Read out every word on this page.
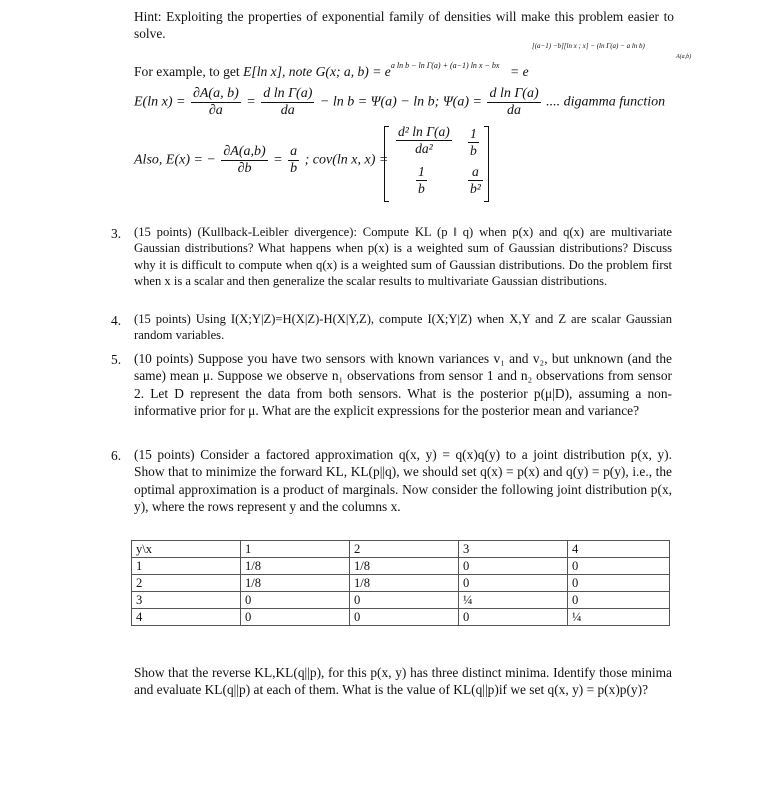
Hint: Exploiting the properties of exponential family of densities will make this problem easier to solve.
For example, to get E[ln x], note G(x; a, $b) = e^{a ln b - ln \Gamma(a) + (a-1) ln x - bx} = e$
[(a−1) −b][ln x ; x] − (ln Γ(a) − a ln b)
A(a,b)
E(ln $x) = \frac{\partial A(a, b)}{\partial a} = \frac{\text{d ln Γ(a)}}{da} - \ln b = \Psi(a) - \ln b$; $\Psi(a) = \frac{\text{d ln Γ(a)}}{da}$ .... digamma function
Also, E(x) = − $\frac{\partial A(a,b)}{\partial b} = \frac{a}{b}$ ; cov(ln x, x) =
$\frac{\text{d² ln Γ(a)}}{\text{da²}} \frac{1}{b}$
$\frac{1}{b}$	$\frac{a}{\text{b²}}$
3. (15 points) (Kullback-Leibler divergence): Compute KL (p ‖ q) when p(x) and q(x) are multivariate Gaussian distributions? What happens when p(x) is a weighted sum of Gaussian distributions? Discuss why it is difficult to compute when q(x) is a weighted sum of Gaussian distributions. Do the problem first when x is a scalar and then generalize the scalar results to multivariate Gaussian distributions.
4. (15 points) Using I(X;Y|Z)=H(X|Z)-H(X|Y,Z), compute I(X;Y|Z) when X,Y and Z are scalar Gaussian random variables.
5. (10 points) Suppose you have two sensors with known variances v₁ and v₂, but unknown (and the same) mean μ. Suppose we observe n₁ observations from sensor 1 and n₂ observations from sensor 2. Let D represent the data from both sensors. What is the posterior p(μ|D), assuming a non-informative prior for μ. What are the explicit expressions for the posterior mean and variance?
6. (15 points) Consider a factored approximation q(x, y) = q(x)q(y) to a joint distribution p(x, y). Show that to minimize the forward KL, KL(p||q), we should set q(x) = p(x) and q(y) = p(y), i.e., the optimal approximation is a product of marginals. Now consider the following joint distribution p(x, y), where the rows represent y and the columns x.
y\x	1	2	3	4
1	1/8	1/8	0	0
2	1/8	1/8	0	0
3	0	0	¼	0
4	0	0	0	¼
Show that the reverse KL,KL(q||p), for this p(x, y) has three distinct minima. Identify those minima and evaluate KL(q||p) at each of them. What is the value of KL(q||p)if we set q(x, y) = p(x)p(y)?
